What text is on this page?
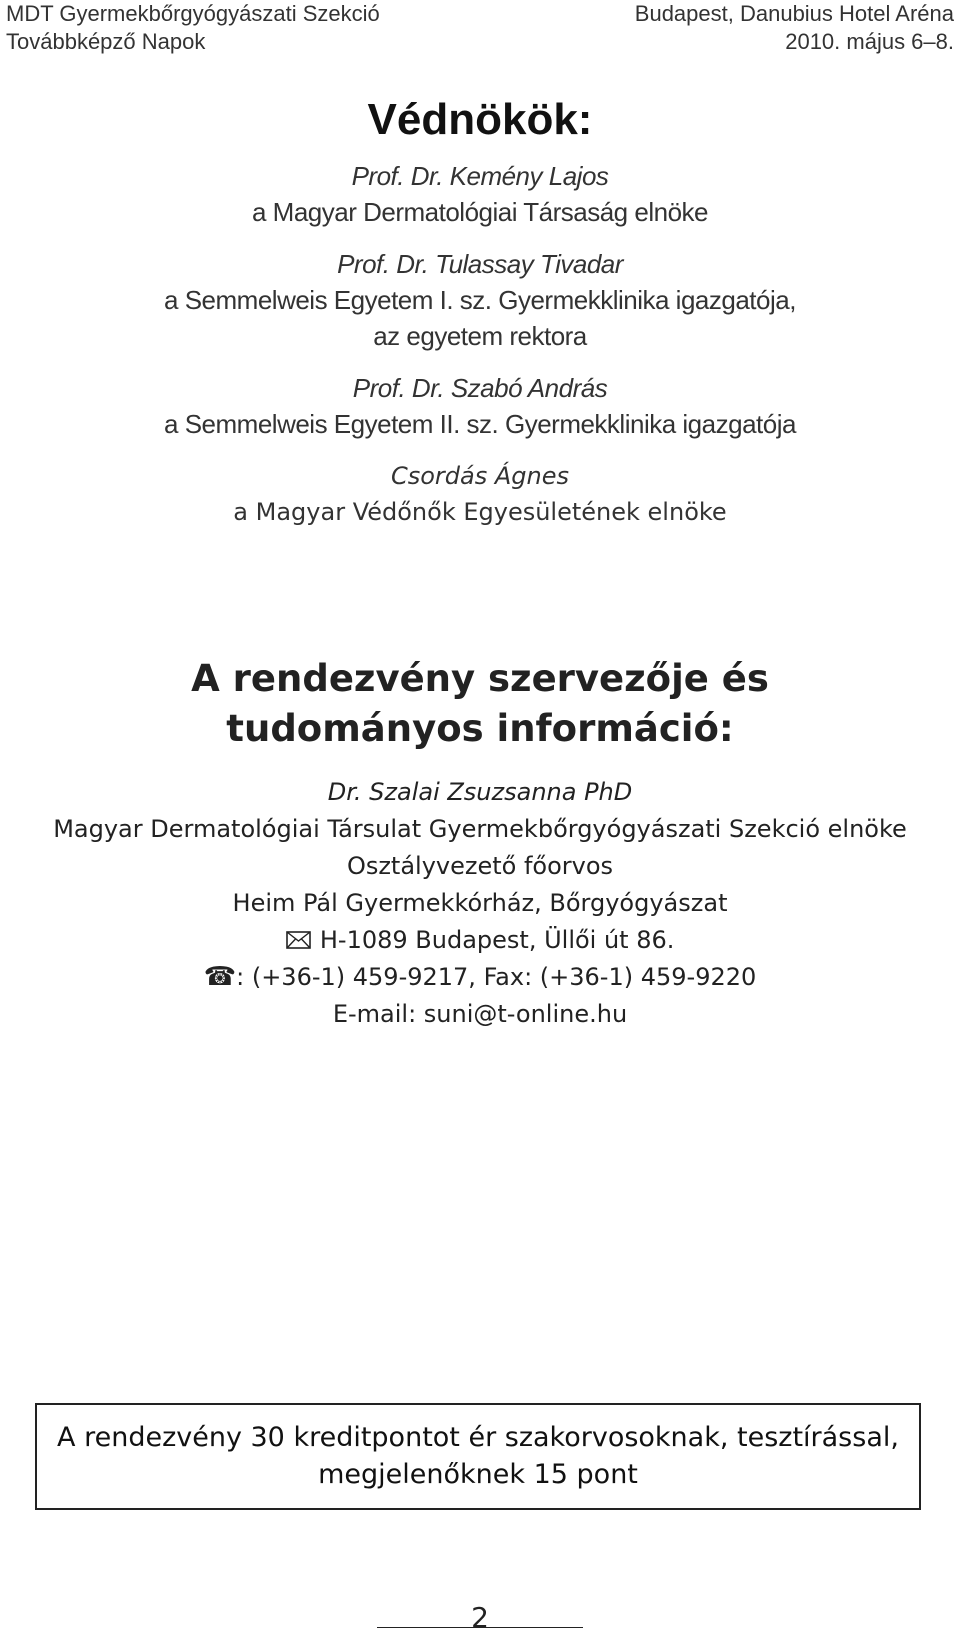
MDT Gyermekbőrgyógyászati Szekció
Továbbképző Napok
Budapest, Danubius Hotel Aréna
2010. május 6–8.
Védnökök:
Prof. Dr. Kemény Lajos
a Magyar Dermatológiai Társaság elnöke
Prof. Dr. Tulassay Tivadar
a Semmelweis Egyetem I. sz. Gyermekklinika igazgatója,
az egyetem rektora
Prof. Dr. Szabó András
a Semmelweis Egyetem II. sz. Gyermekklinika igazgatója
Csordás Ágnes
a Magyar Védőnők Egyesületének elnöke
A rendezvény szervezője és
tudományos információ:
Dr. Szalai Zsuzsanna PhD
Magyar Dermatológiai Társulat Gyermekbőrgyógyászati Szekció elnöke
Osztályvezető főorvos
Heim Pál Gyermekkórház, Bőrgyógyászat
H-1089 Budapest, Üllői út 86.
☎: (+36-1) 459-9217, Fax: (+36-1) 459-9220
E-mail: suni@t-online.hu
A rendezvény 30 kreditpontot ér szakorvosoknak, tesztírással,
megjelenőknek 15 pont
2
